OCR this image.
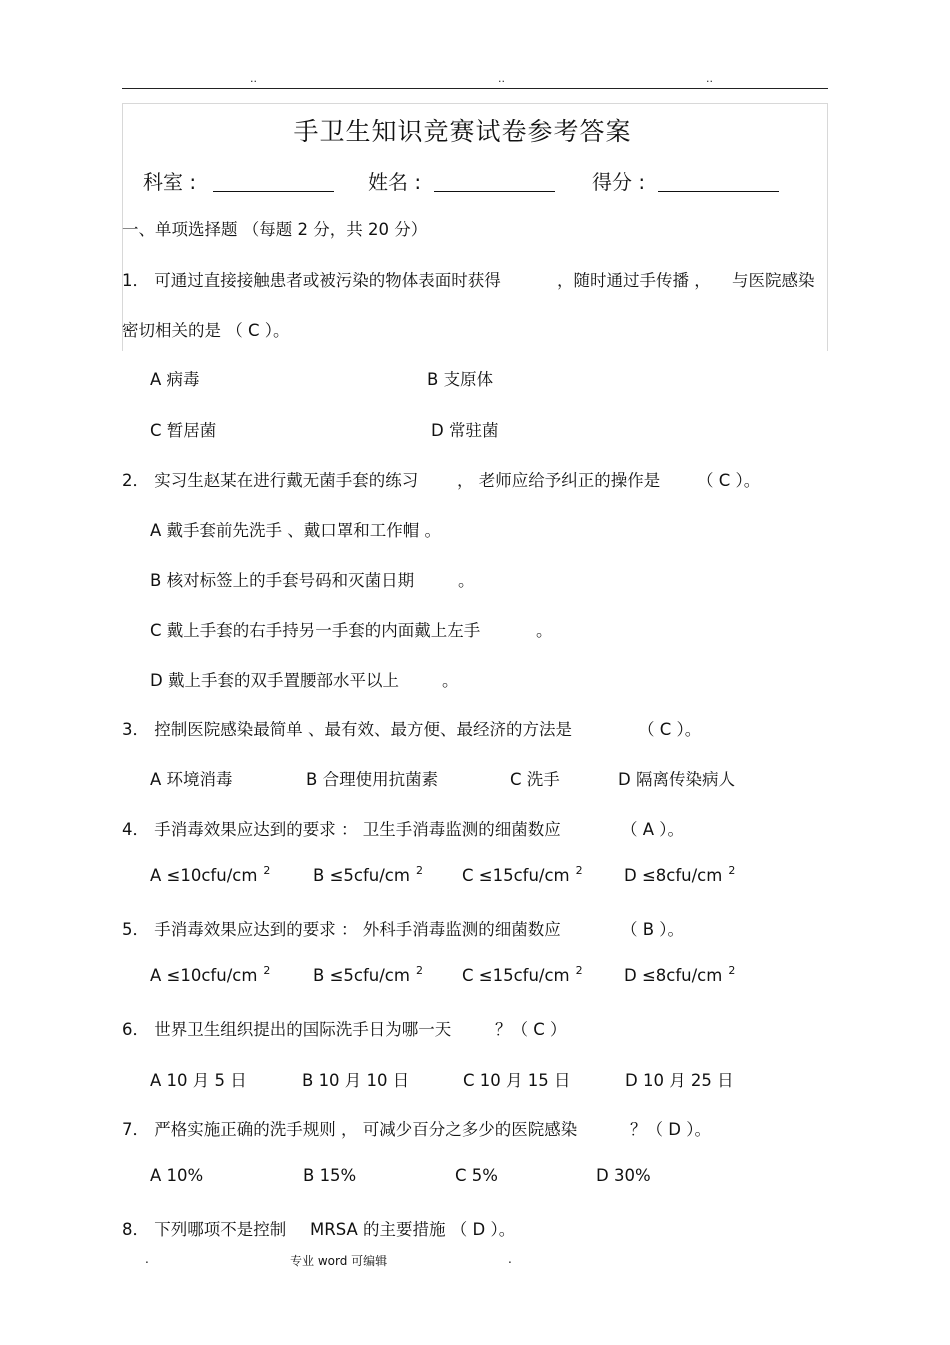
..	..	..
手卫生知识竞赛试卷参考答案
科室 :	姓名 :	得分 :
一、单项选择题 （每题 2 分，共 20 分）
1． 可通过直接接触患者或被污染的物体表面时获得	，随时通过手传播 ， 与医院感染
密切相关的是 （ C ）。
A 病毒	B 支原体
C 暂居菌	D 常驻菌
2． 实习生赵某在进行戴无菌手套的练习 ， 老师应给予纠正的操作是 （ C ）。
A 戴手套前先洗手 、戴口罩和工作帽 。
B 核对标签上的手套号码和灭菌日期	。
C 戴上手套的右手持另一手套的内面戴上左手	。
D 戴上手套的双手置腰部水平以上	。
3． 控制医院感染最简单 、最有效、最方便、最经济的方法是	（ C ）。
A 环境消毒	B 合理使用抗菌素	C 洗手	D 隔离传染病人
4． 手消毒效果应达到的要求 ： 卫生手消毒监测的细菌数应	（ A ）。
A ≤10cfu/cm $^2$	B ≤5cfu/cm $^2$ C ≤15cfu/cm $^2$	D ≤8cfu/cm $^2$
5． 手消毒效果应达到的要求 ： 外科手消毒监测的细菌数应	（ B ）。
A ≤10cfu/cm $^2$	B ≤5cfu/cm $^2$ C ≤15cfu/cm $^2$	D ≤8cfu/cm $^2$
6． 世界卫生组织提出的国际洗手日为哪一天	？（ C ）
A 10 月 5 日	B 10 月 10 日	C 10 月 15 日	D 10 月 25 日
7． 严格实施正确的洗手规则 ， 可减少百分之多少的医院感染	？（ D ）。
A 10%	B 15%	C 5%	D 30%
8． 下列哪项不是控制 MRSA 的主要措施 （ D ）。
.	专业 word 可编辑	.
